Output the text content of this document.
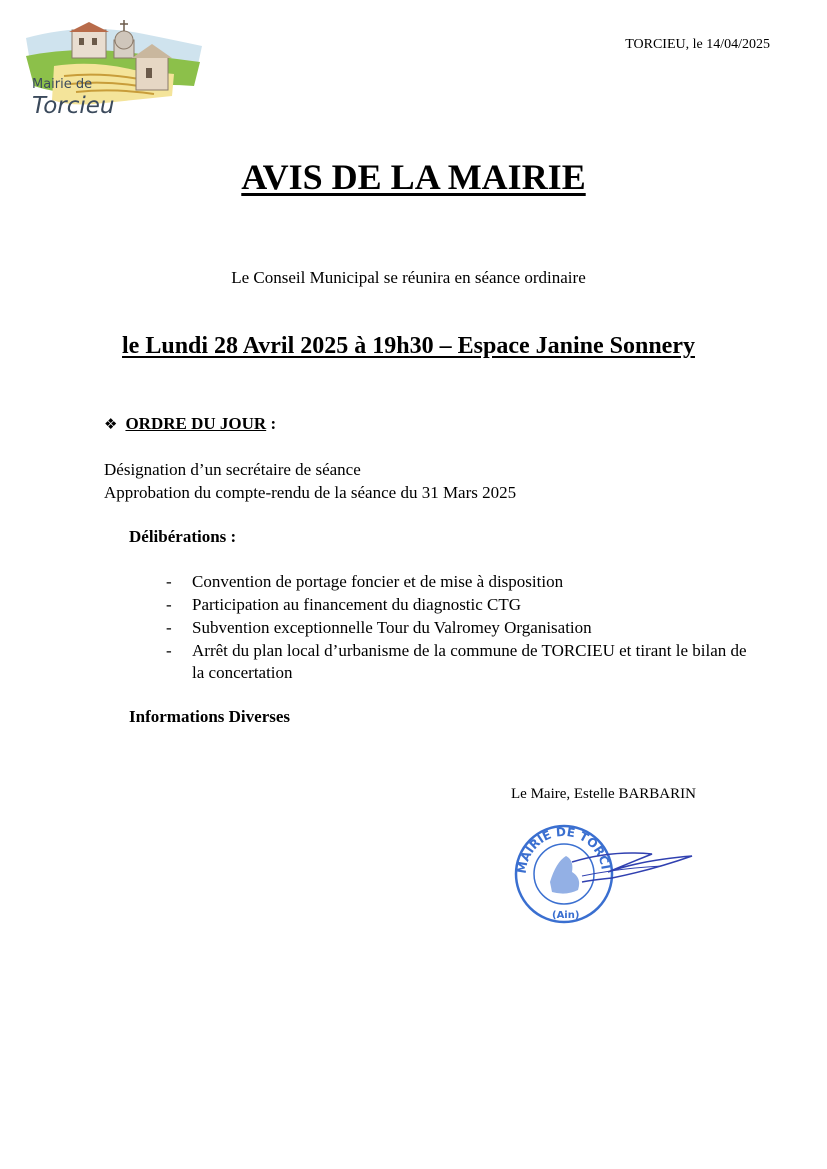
Mairie de
Torcieu
TORCIEU, le 14/04/2025
AVIS DE LA MAIRIE
Le Conseil Municipal se réunira en séance ordinaire
le Lundi 28 Avril 2025 à 19h30 – Espace Janine Sonnery
❖ ORDRE DU JOUR :
Désignation d’un secrétaire de séance
Approbation du compte-rendu de la séance du 31 Mars 2025
Délibérations :
- Convention de portage foncier et de mise à disposition
- Participation au financement du diagnostic CTG
- Subvention exceptionnelle Tour du Valromey Organisation
- Arrêt du plan local d’urbanisme de la commune de TORCIEU et tirant le bilan de la concertation
Informations Diverses
Le Maire, Estelle BARBARIN
MAIRIE DE TORCI
(Ain)
